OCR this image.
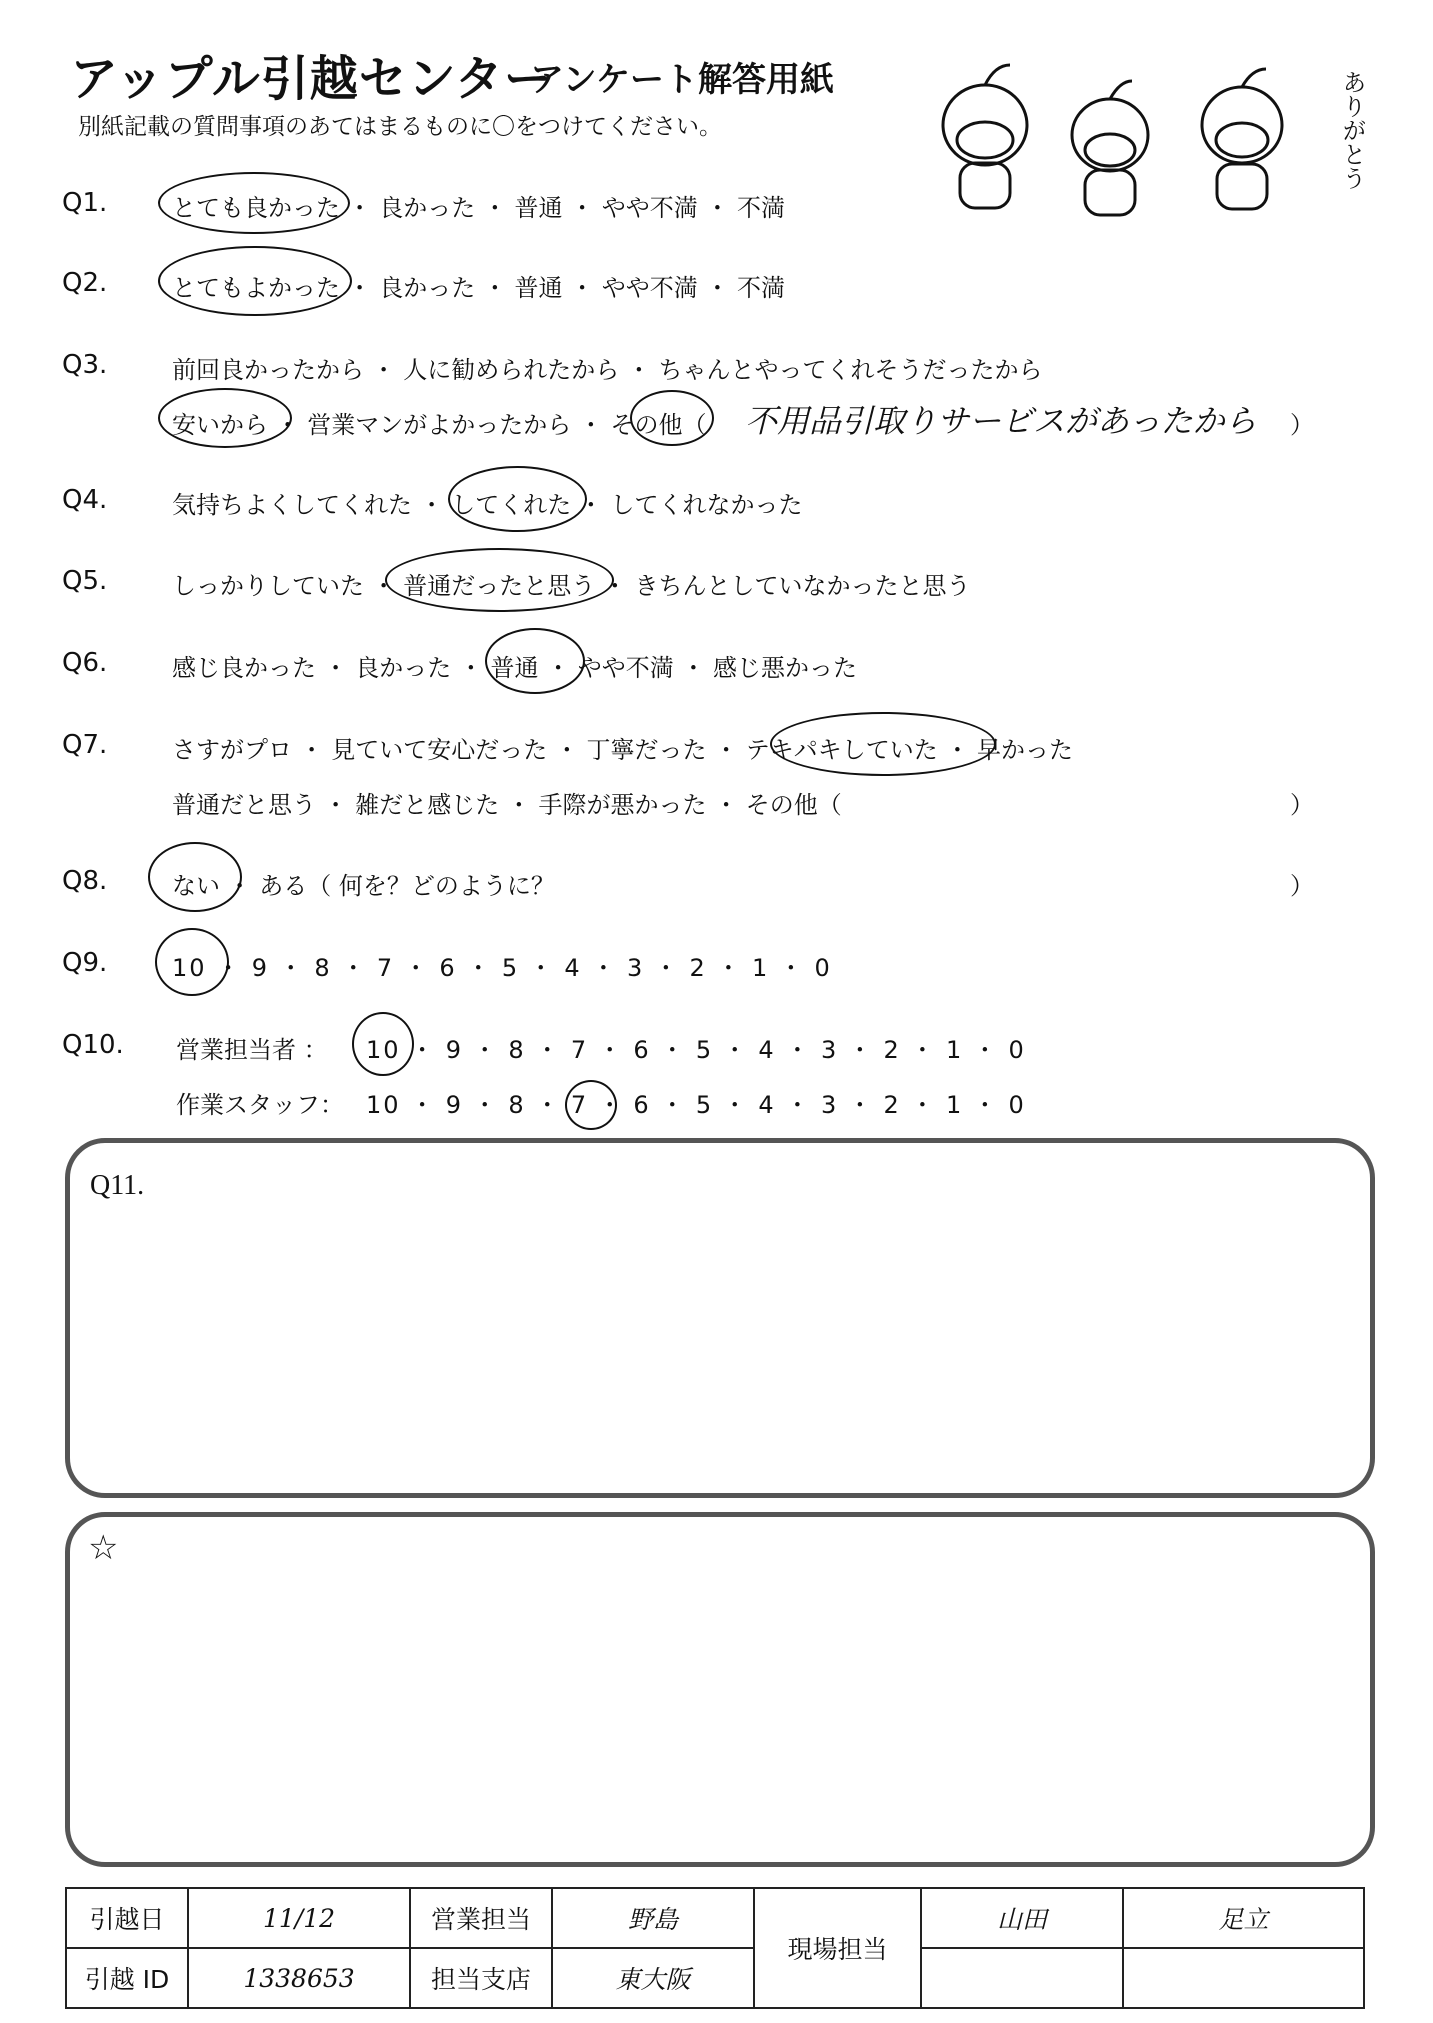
アップル引越センター
アンケート解答用紙
別紙記載の質問事項のあてはまるものに〇をつけてください。	ありがとう
Q1.	とても良かった ・ 良かった ・ 普通 ・ やや不満 ・ 不満
Q2.	とてもよかった ・ 良かった ・ 普通 ・ やや不満 ・ 不満
Q3.	前回良かったから ・ 人に勧められたから ・ ちゃんとやってくれそうだったから
安いから ・ 営業マンがよかったから ・ その他（ 不用品引取りサービスがあったから ）
Q4.	気持ちよくしてくれた ・ してくれた ・ してくれなかった
Q5.	しっかりしていた ・ 普通だったと思う ・ きちんとしていなかったと思う
Q6.	感じ良かった ・ 良かった ・ 普通 ・ やや不満 ・ 感じ悪かった
Q7.	さすがプロ ・ 見ていて安心だった ・ 丁寧だった ・ テキパキしていた ・ 早かった
普通だと思う ・ 雑だと感じた ・ 手際が悪かった ・ その他（	）
Q8.	ない ・ ある（ 何を？どのように？	）
Q9.	10 ・ 9 ・ 8 ・ 7 ・ 6 ・ 5 ・ 4 ・ 3 ・ 2 ・ 1 ・ 0
Q10. 営業担当者 ： 10 ・ 9 ・ 8 ・ 7 ・ 6 ・ 5 ・ 4 ・ 3 ・ 2 ・ 1 ・ 0
作業スタッフ： 10 ・ 9 ・ 8 ・ 7 ・ 6 ・ 5 ・ 4 ・ 3 ・ 2 ・ 1 ・ 0
Q11.
☆
引越日	11/12	営業担当	野島	現場担当	山田	足立
引越 ID	1338653	担当支店	東大阪			
